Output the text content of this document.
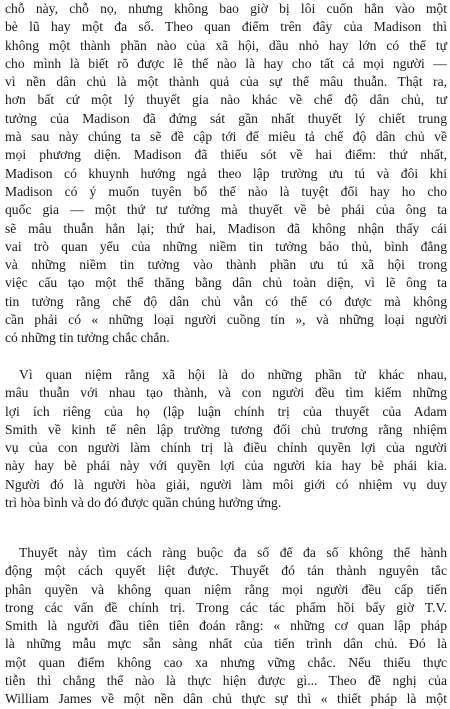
chỗ này, chỗ nọ, nhưng không bao giờ bị lôi cuốn hẳn vào một
bè lũ hay một đa số. Theo quan điểm trên đây của Madison thì
không một thành phần nào của xã hội, dầu nhỏ hay lớn có thể tự
cho mình là biết rõ được lẽ thế nào là hay cho tất cả mọi người —
vì nền dân chủ là một thành quả của sự thể mâu thuẫn. Thật ra,
hơn bất cứ một lý thuyết gia nào khác về chế độ dân chủ, tư
tưởng của Madison đã đứng sát gần nhất thuyết lý chiết trung
mà sau này chúng ta sẽ đề cập tới để miêu tả chế độ dân chủ về
mọi phương diện. Madison đã thiếu sót về hai điểm: thứ nhất,
Madison có khuynh hướng ngả theo lập trường ưu tú và đôi khi
Madison có ý muốn tuyên bố thế nào là tuyệt đối hay ho cho
quốc gia — một thứ tư tưởng mà thuyết về bè phái của ông ta
sẽ mâu thuẫn hẳn lại; thứ hai, Madison đã không nhận thấy cái
vai trò quan yếu của những niềm tin tưởng bảo thủ, bình đẳng
và những niềm tin tưởng vào thành phần ưu tú xã hội trong
việc cấu tạo một thể thăng bằng dân chủ toàn diện, vì lẽ ông ta
tin tưởng rằng chế độ dân chủ vẫn có thể có được mà không
cần phải có « những loại người cuồng tín », và những loại người
có những tin tưởng chắc chắn.
Vì quan niệm rằng xã hội là do những phần tử khác nhau,
mâu thuẫn với nhau tạo thành, và con người đều tìm kiếm những
lợi ích riêng của họ (lập luận chính trị của thuyết của Adam
Smith về kinh tế nên lập trường tương đối chủ trương rằng nhiệm
vụ của con người làm chính trị là điều chỉnh quyền lợi của người
này hay bè phái này với quyền lợi của người kia hay bè phái kia.
Người đó là người hòa giải, người làm môi giới có nhiệm vụ duy
trì hòa bình và do đó được quần chúng hưởng ứng.
Thuyết này tìm cách ràng buộc đa số để đa số không thể hành
động một cách quyết liệt được. Thuyết đó tán thành nguyên tắc
phân quyền và không quan niệm rằng mọi người đều cấp tiến
trong các vấn đề chính trị. Trong các tác phẩm hồi bấy giờ T.V.
Smith là người đầu tiên tiên đoán rằng: « những cơ quan lập pháp
là những mẫu mực sẵn sàng nhất của tiến trình dân chủ. Đó là
một quan điểm không cao xa nhưng vững chắc. Nếu thiếu thực
tiễn thì chẳng thể nào là thực hiện được gì... Theo đề nghị của
William James về một nền dân chủ thực sự thì « thiết pháp là một
